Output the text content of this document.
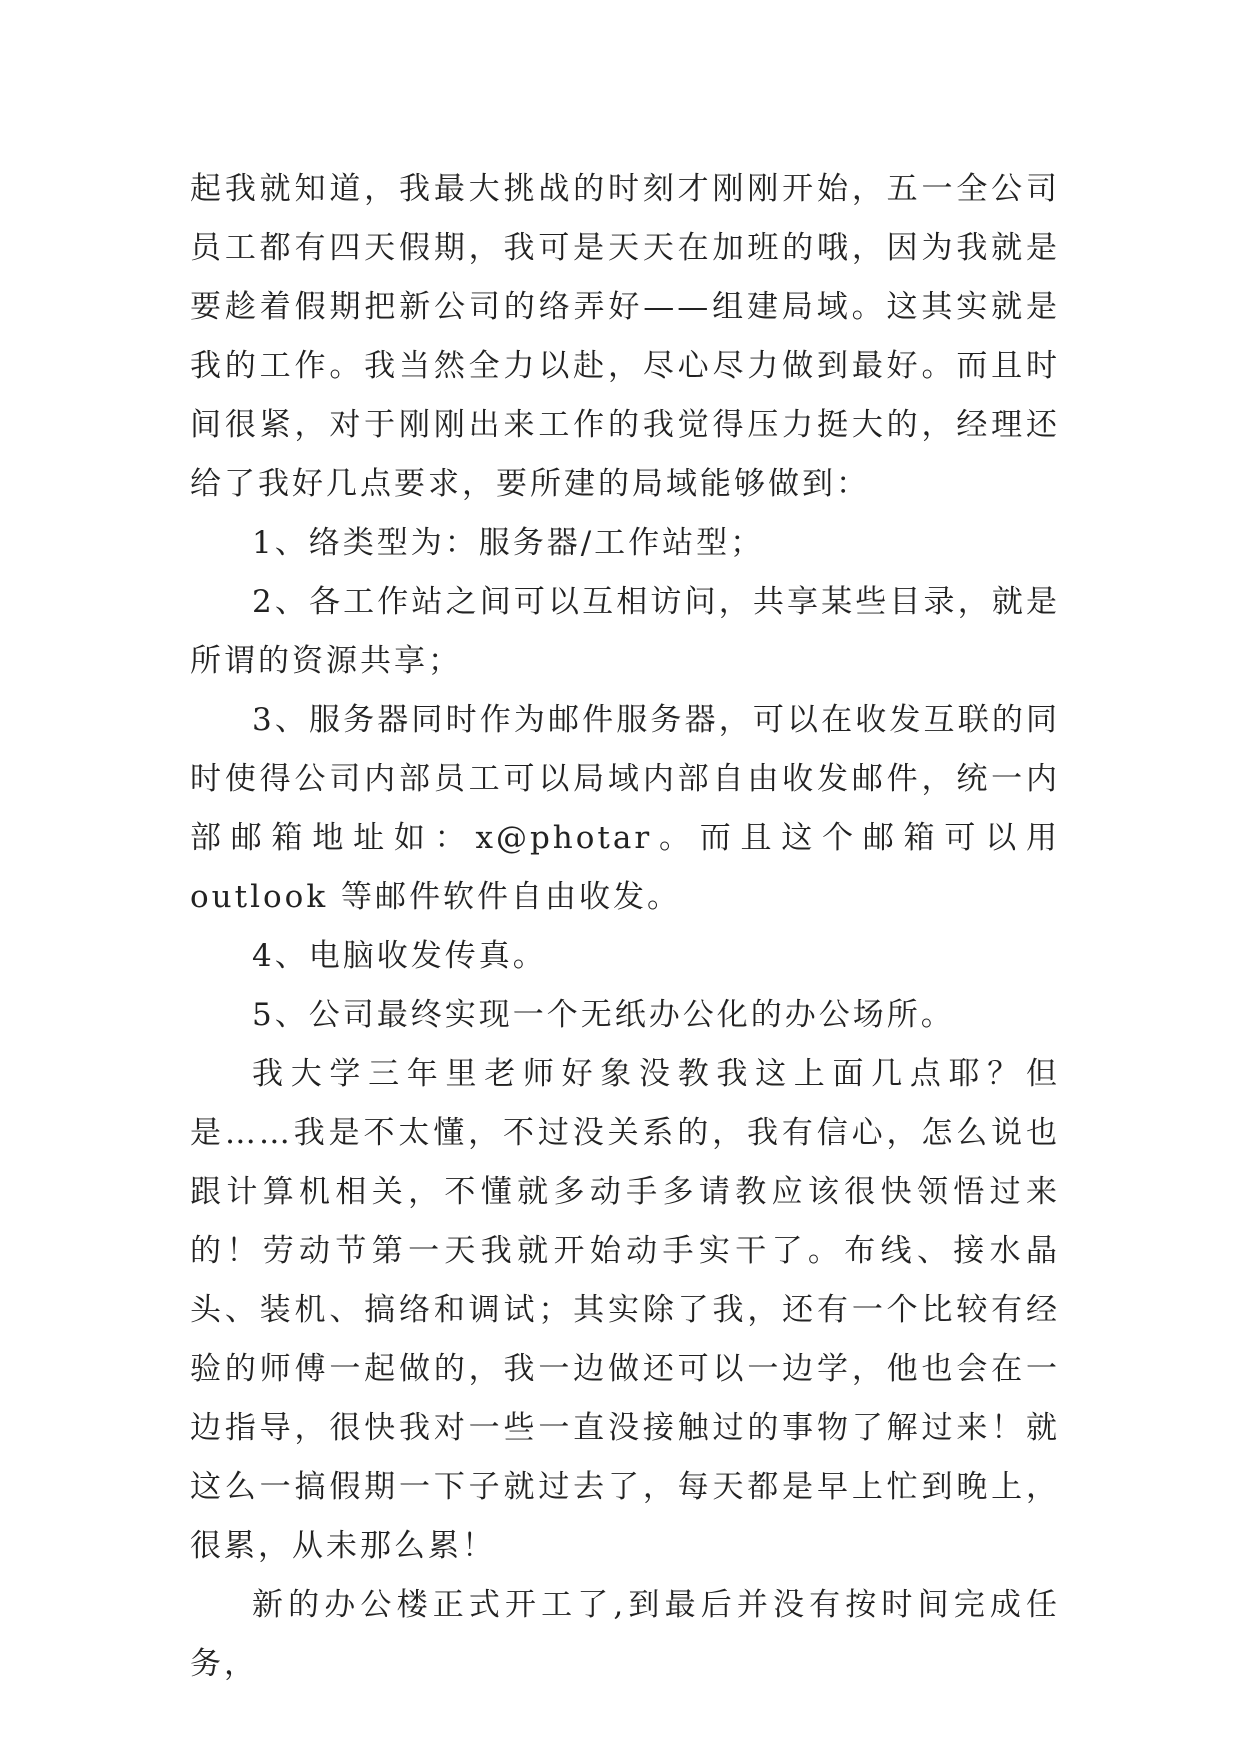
起我就知道，我最大挑战的时刻才刚刚开始，五一全公司员工都有四天假期，我可是天天在加班的哦，因为我就是要趁着假期把新公司的络弄好——组建局域。这其实就是我的工作。我当然全力以赴，尽心尽力做到最好。而且时间很紧，对于刚刚出来工作的我觉得压力挺大的，经理还给了我好几点要求，要所建的局域能够做到：

1、络类型为：服务器/工作站型；

2、各工作站之间可以互相访问，共享某些目录，就是所谓的资源共享；

3、服务器同时作为邮件服务器，可以在收发互联的同时使得公司内部员工可以局域内部自由收发邮件，统一内部邮箱地址如：x@photar。而且这个邮箱可以用 outlook 等邮件软件自由收发。

4、电脑收发传真。

5、公司最终实现一个无纸办公化的办公场所。

我大学三年里老师好象没教我这上面几点耶？但是……我是不太懂，不过没关系的，我有信心，怎么说也跟计算机相关，不懂就多动手多请教应该很快领悟过来的！劳动节第一天我就开始动手实干了。布线、接水晶头、装机、搞络和调试；其实除了我，还有一个比较有经验的师傅一起做的，我一边做还可以一边学，他也会在一边指导，很快我对一些一直没接触过的事物了解过来！就这么一搞假期一下子就过去了，每天都是早上忙到晚上，很累，从未那么累！

新的办公楼正式开工了,到最后并没有按时间完成任务，
